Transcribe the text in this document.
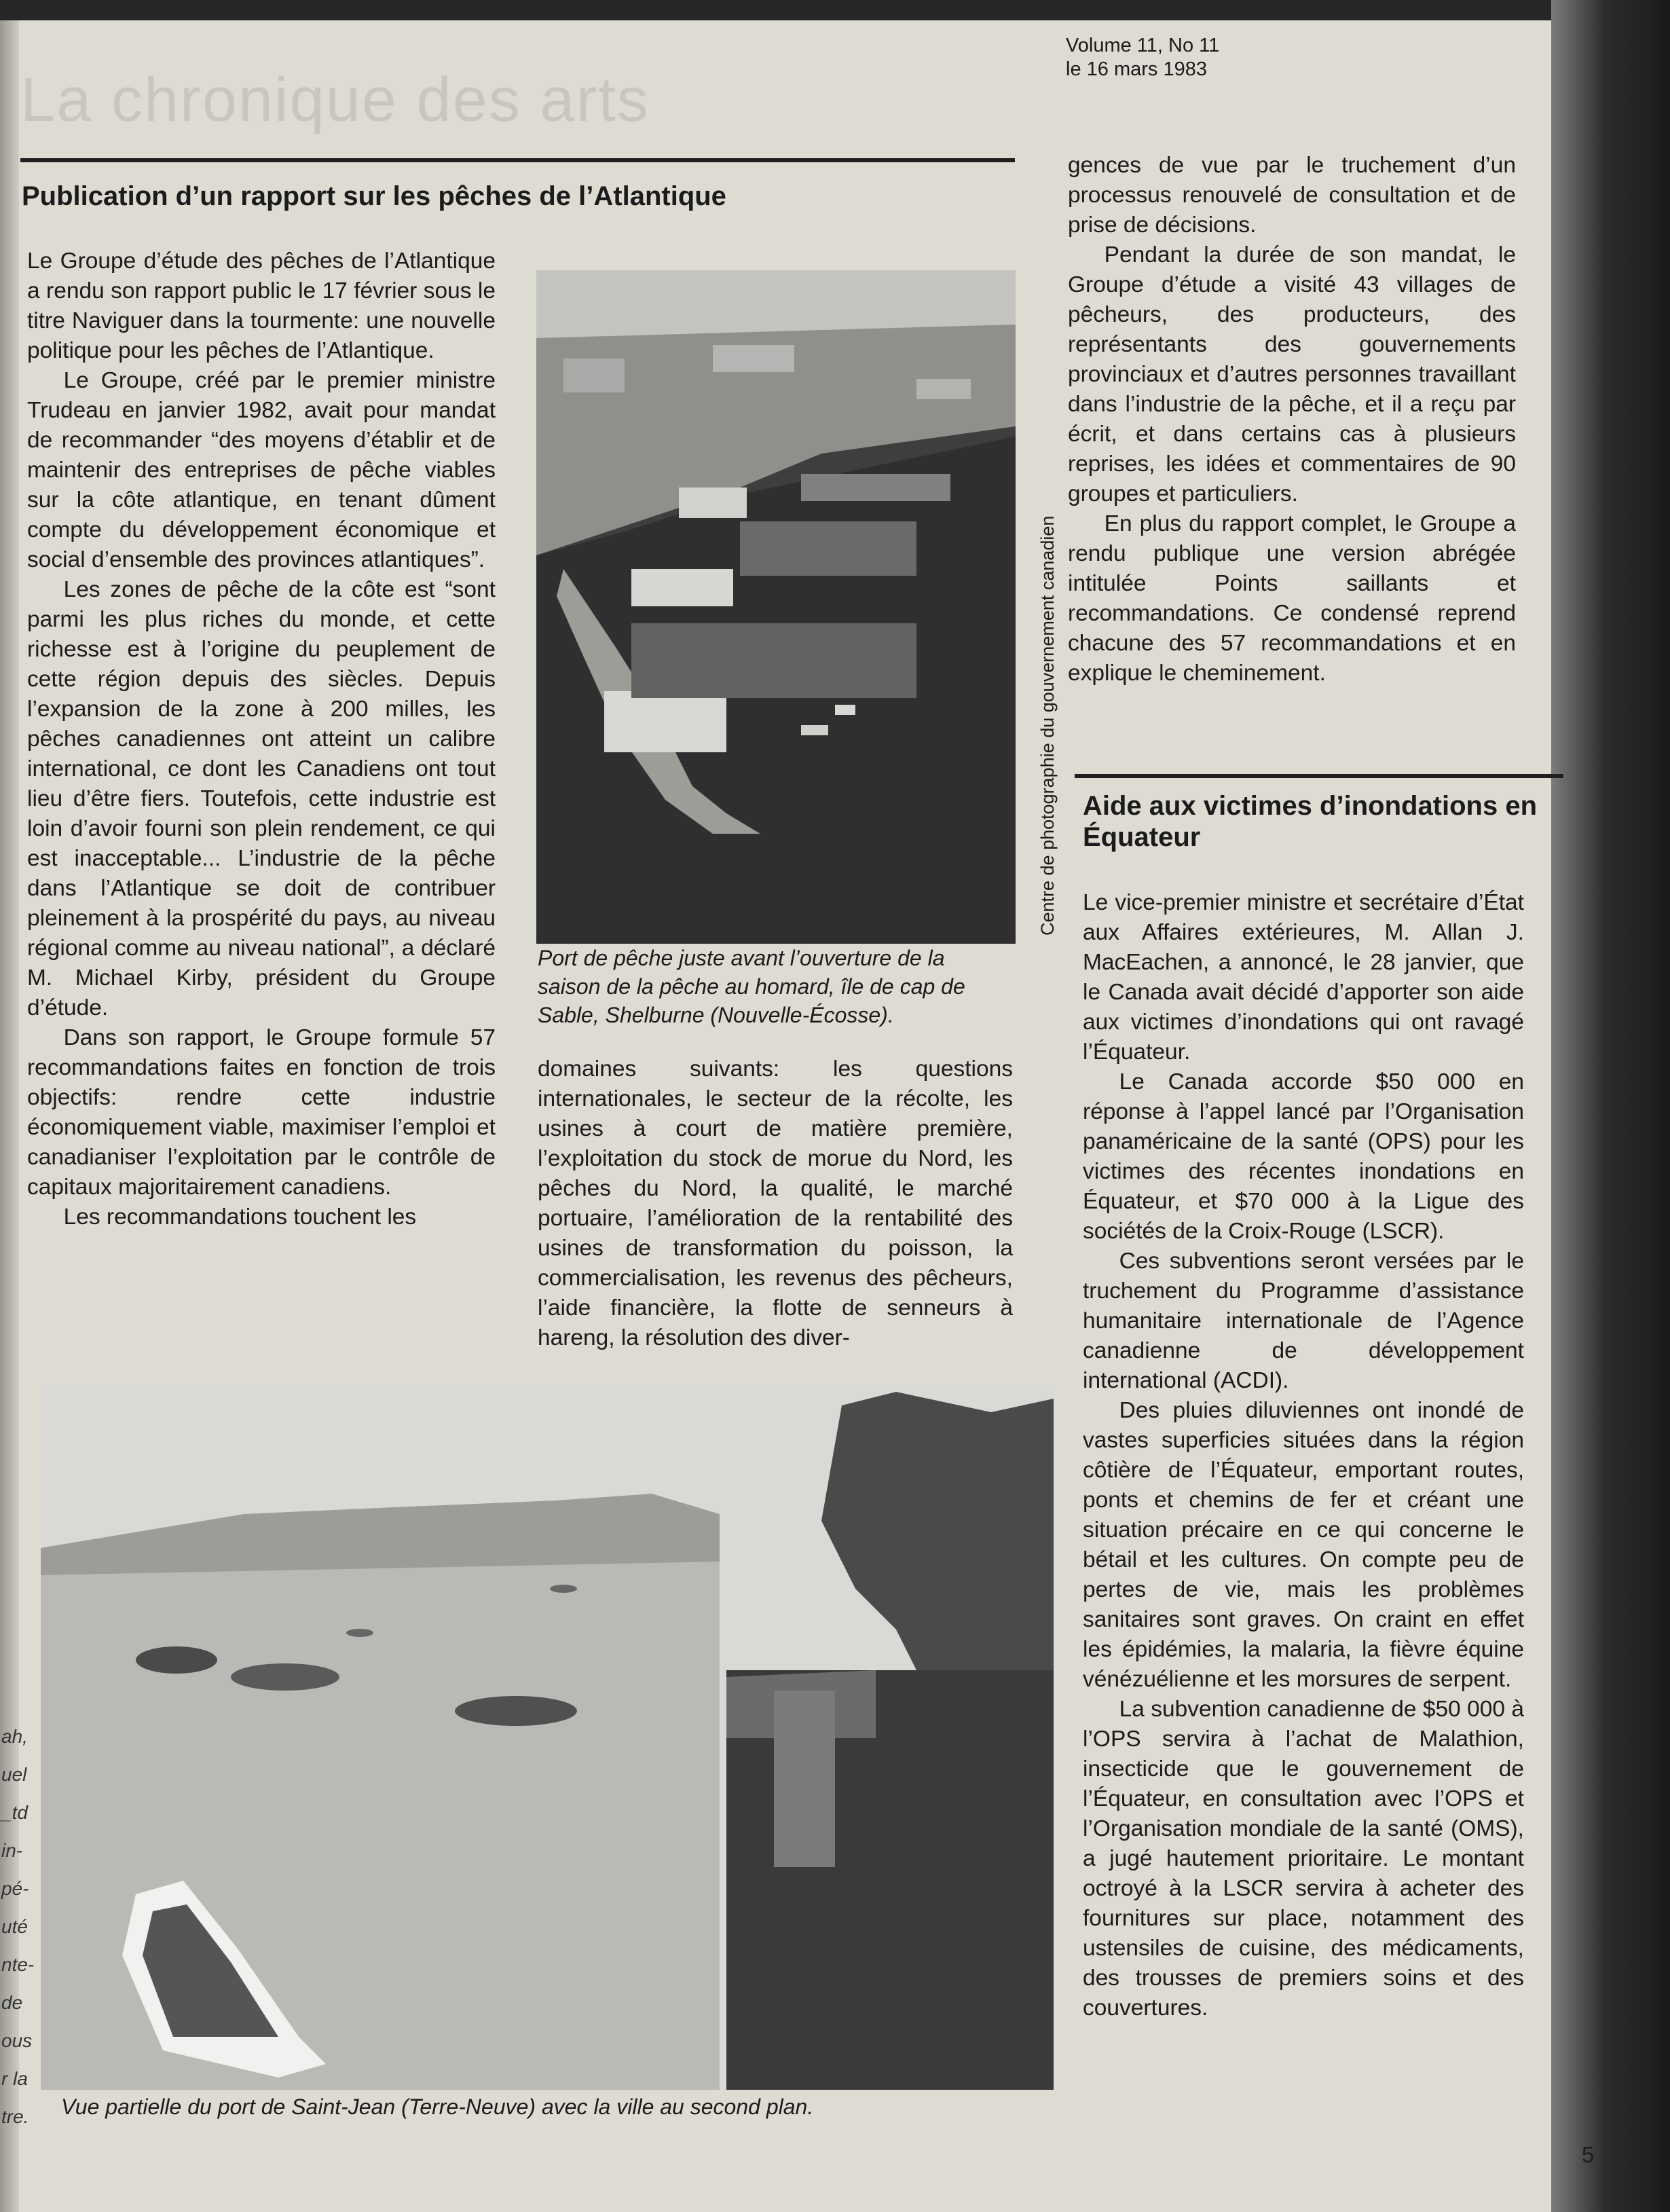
La chronique des arts
Volume 11, No 11
le 16 mars 1983
Publication d’un rapport sur les pêches de l’Atlantique

Le Groupe d’étude des pêches de l’Atlantique a rendu son rapport public le 17 février sous le titre Naviguer dans la tourmente: une nouvelle politique pour les pêches de l’Atlantique.

Le Groupe, créé par le premier ministre Trudeau en janvier 1982, avait pour mandat de recommander “des moyens d’établir et de maintenir des entreprises de pêche viables sur la côte atlantique, en tenant dûment compte du développement économique et social d’ensemble des provinces atlantiques”.

Les zones de pêche de la côte est “sont parmi les plus riches du monde, et cette richesse est à l’origine du peuplement de cette région depuis des siècles. Depuis l’expansion de la zone à 200 milles, les pêches canadiennes ont atteint un calibre international, ce dont les Canadiens ont tout lieu d’être fiers. Toutefois, cette industrie est loin d’avoir fourni son plein rendement, ce qui est inacceptable... L’industrie de la pêche dans l’Atlantique se doit de contribuer pleinement à la prospérité du pays, au niveau régional comme au niveau national”, a déclaré M. Michael Kirby, président du Groupe d’étude.

Dans son rapport, le Groupe formule 57 recommandations faites en fonction de trois objectifs: rendre cette industrie économiquement viable, maximiser l’emploi et canadianiser l’exploitation par le contrôle de capitaux majoritairement canadiens.

Les recommandations touchent les

Centre de photographie du gouvernement canadien
Port de pêche juste avant l’ouverture de la saison de la pêche au homard, île de cap de Sable, Shelburne (Nouvelle-Écosse).

domaines suivants: les questions internationales, le secteur de la récolte, les usines à court de matière première, l’exploitation du stock de morue du Nord, les pêches du Nord, la qualité, le marché portuaire, l’amélioration de la rentabilité des usines de transformation du poisson, la commercialisation, les revenus des pêcheurs, l’aide financière, la flotte de senneurs à hareng, la résolution des diver-

gences de vue par le truchement d’un processus renouvelé de consultation et de prise de décisions.

Pendant la durée de son mandat, le Groupe d’étude a visité 43 villages de pêcheurs, des producteurs, des représentants des gouvernements provinciaux et d’autres personnes travaillant dans l’industrie de la pêche, et il a reçu par écrit, et dans certains cas à plusieurs reprises, les idées et commentaires de 90 groupes et particuliers.

En plus du rapport complet, le Groupe a rendu publique une version abrégée intitulée Points saillants et recommandations. Ce condensé reprend chacune des 57 recommandations et en explique le cheminement.

Aide aux victimes d’inondations en Équateur

Le vice-premier ministre et secrétaire d’État aux Affaires extérieures, M. Allan J. MacEachen, a annoncé, le 28 janvier, que le Canada avait décidé d’apporter son aide aux victimes d’inondations qui ont ravagé l’Équateur.

Le Canada accorde $50 000 en réponse à l’appel lancé par l’Organisation panaméricaine de la santé (OPS) pour les victimes des récentes inondations en Équateur, et $70 000 à la Ligue des sociétés de la Croix-Rouge (LSCR).

Ces subventions seront versées par le truchement du Programme d’assistance humanitaire internationale de l’Agence canadienne de développement international (ACDI).

Des pluies diluviennes ont inondé de vastes superficies situées dans la région côtière de l’Équateur, emportant routes, ponts et chemins de fer et créant une situation précaire en ce qui concerne le bétail et les cultures. On compte peu de pertes de vie, mais les problèmes sanitaires sont graves. On craint en effet les épidémies, la malaria, la fièvre équine vénézuélienne et les morsures de serpent.

La subvention canadienne de $50 000 à l’OPS servira à l’achat de Malathion, insecticide que le gouvernement de l’Équateur, en consultation avec l’OPS et l’Organisation mondiale de la santé (OMS), a jugé hautement prioritaire. Le montant octroyé à la LSCR servira à acheter des fournitures sur place, notamment des ustensiles de cuisine, des médicaments, des trousses de premiers soins et des couvertures.

Vue partielle du port de Saint-Jean (Terre-Neuve) avec la ville au second plan.
ah,
uel
_td
in-
pé-
uté
nte-
de
ous
r la
tre.
5
